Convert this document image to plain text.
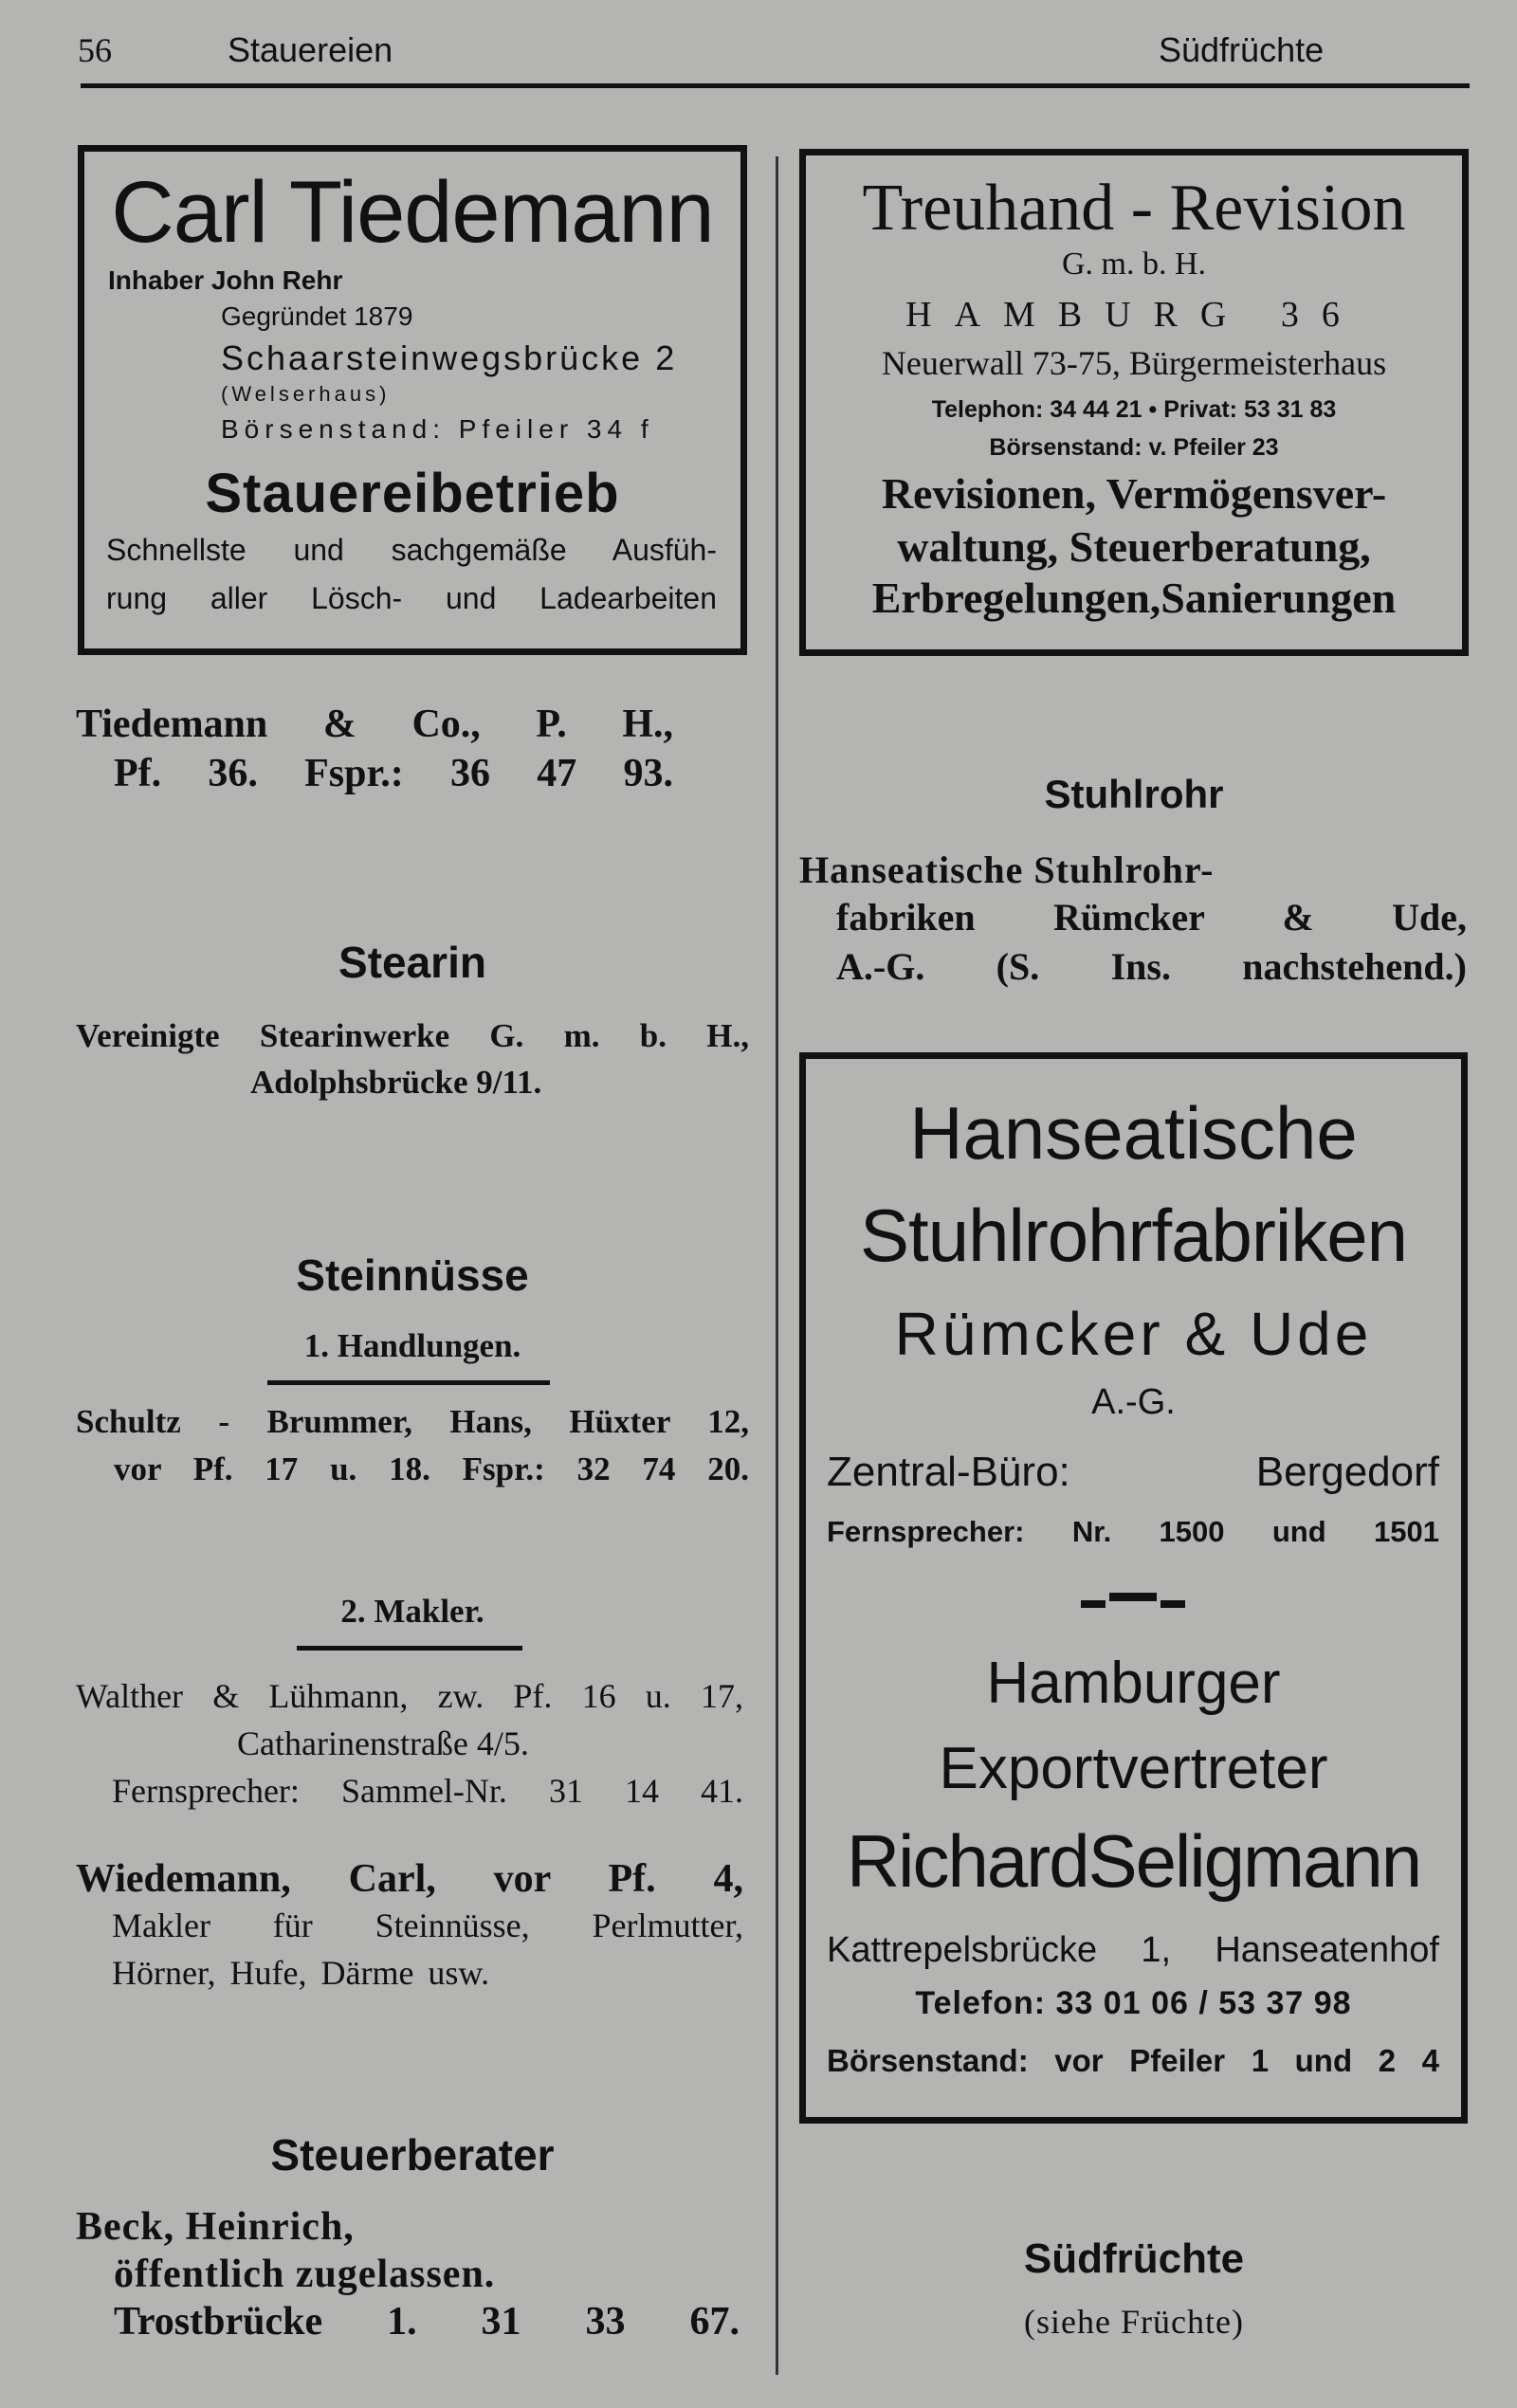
56	Stauereien	Südfrüchte
Carl Tiedemann
Inhaber John Rehr
Gegründet 1879
Schaarsteinwegsbrücke 2
(Welserhaus)
Börsenstand: Pfeiler 34 f
Stauereibetrieb
Schnellste und sachgemäße Ausfüh-
rung aller Lösch- und Ladearbeiten
Tiedemann & Co., P. H.,
Pf. 36. Fspr.: 36 47 93.
Stearin
Vereinigte Stearinwerke G. m. b. H.,
Adolphsbrücke 9/11.
Steinnüsse
1. Handlungen.
Schultz - Brummer, Hans, Hüxter 12,
vor Pf. 17 u. 18. Fspr.: 32 74 20.
2. Makler.
Walther & Lühmann, zw. Pf. 16 u. 17,
Catharinenstraße 4/5.
Fernsprecher: Sammel-Nr. 31 14 41.
Wiedemann, Carl, vor Pf. 4,
Makler für Steinnüsse, Perlmutter,
Hörner, Hufe, Därme usw.
Steuerberater
Beck, Heinrich,
öffentlich zugelassen.
Trostbrücke 1. 31 33 67.
Treuhand - Revision
G. m. b. H.
HAMBURG 36
Neuerwall 73-75, Bürgermeisterhaus
Telephon: 34 44 21 • Privat: 53 31 83
Börsenstand: v. Pfeiler 23
Revisionen, Vermögensver-
waltung, Steuerberatung,
Erbregelungen,Sanierungen
Stuhlrohr
Hanseatische Stuhlrohr-
fabriken Rümcker & Ude,
A.-G. (S. Ins. nachstehend.)
Hanseatische
Stuhlrohrfabriken
Rümcker & Ude
A.-G.
Zentral-Büro: Bergedorf
Fernsprecher: Nr. 1500 und 1501
Hamburger
Exportvertreter
RichardSeligmann
Kattrepelsbrücke 1, Hanseatenhof
Telefon: 33 01 06 / 53 37 98
Börsenstand: vor Pfeiler 1 und 2 4
Südfrüchte
(siehe Früchte)
